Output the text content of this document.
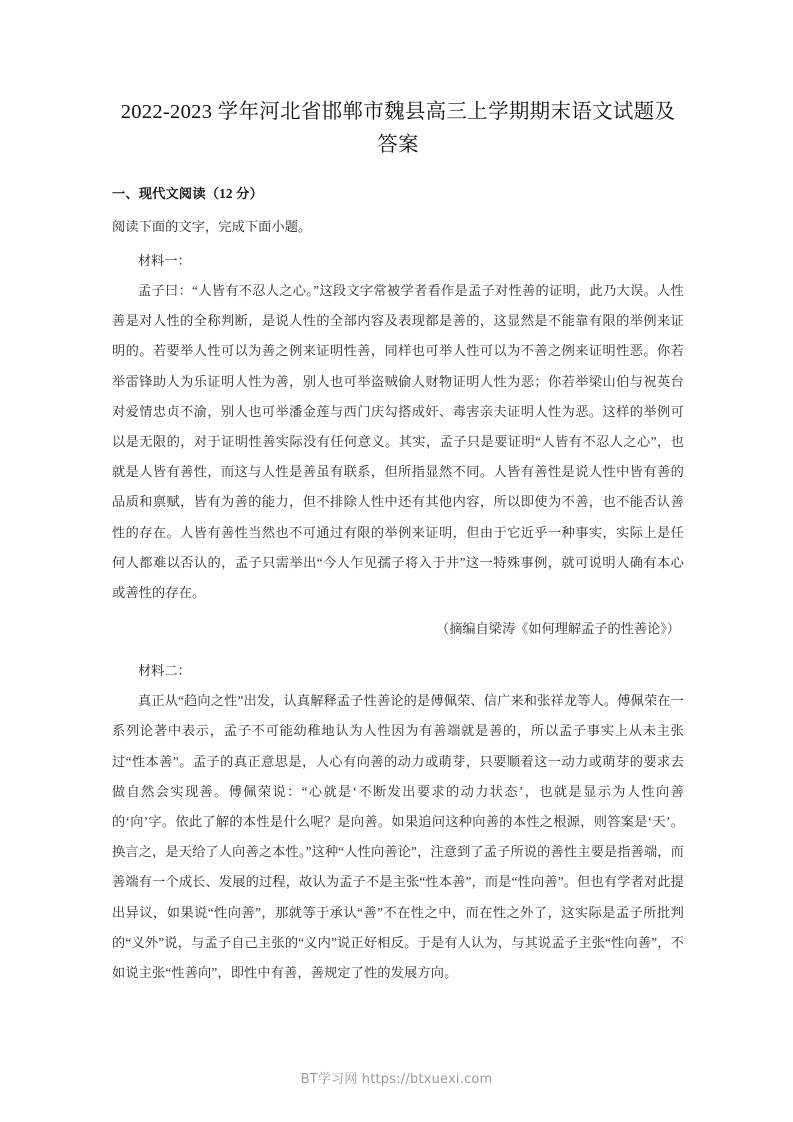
2022-2023 学年河北省邯郸市魏县高三上学期期末语文试题及答案

一、现代文阅读（12 分）

阅读下面的文字，完成下面小题。

材料一：

孟子曰：“人皆有不忍人之心。”这段文字常被学者看作是孟子对性善的证明，此乃大误。人性善是对人性的全称判断，是说人性的全部内容及表现都是善的，这显然是不能靠有限的举例来证明的。若要举人性可以为善之例来证明性善，同样也可举人性可以为不善之例来证明性恶。你若举雷锋助人为乐证明人性为善，别人也可举盗贼偷人财物证明人性为恶；你若举梁山伯与祝英台对爱情忠贞不渝，别人也可举潘金莲与西门庆勾搭成奸、毒害亲夫证明人性为恶。这样的举例可以是无限的，对于证明性善实际没有任何意义。其实，孟子只是要证明“人皆有不忍人之心”，也就是人皆有善性，而这与人性是善虽有联系，但所指显然不同。人皆有善性是说人性中皆有善的品质和禀赋，皆有为善的能力，但不排除人性中还有其他内容，所以即使为不善，也不能否认善性的存在。人皆有善性当然也不可通过有限的举例来证明，但由于它近乎一种事实，实际上是任何人都难以否认的，孟子只需举出“今人乍见孺子将入于井”这一特殊事例，就可说明人确有本心或善性的存在。

（摘编自梁涛《如何理解孟子的性善论》）

材料二：

真正从“趋向之性”出发，认真解释孟子性善论的是傅佩荣、信广来和张祥龙等人。傅佩荣在一系列论著中表示，孟子不可能幼稚地认为人性因为有善端就是善的，所以孟子事实上从未主张过“性本善”。孟子的真正意思是，人心有向善的动力或萌芽，只要顺着这一动力或萌芽的要求去做自然会实现善。傅佩荣说：“心就是‘不断发出要求的动力状态’，也就是显示为人性向善的‘向’字。依此了解的本性是什么呢？是向善。如果追问这种向善的本性之根源，则答案是‘天’。换言之，是天给了人向善之本性。”这种“人性向善论”，注意到了孟子所说的善性主要是指善端，而善端有一个成长、发展的过程，故认为孟子不是主张“性本善”，而是“性向善”。但也有学者对此提出异议，如果说“性向善”，那就等于承认“善”不在性之中，而在性之外了，这实际是孟子所批判的“义外”说，与孟子自己主张的“义内”说正好相反。于是有人认为，与其说孟子主张“性向善”，不如说主张“性善向”，即性中有善，善规定了性的发展方向。

BT学习网 https://btxuexi.com
